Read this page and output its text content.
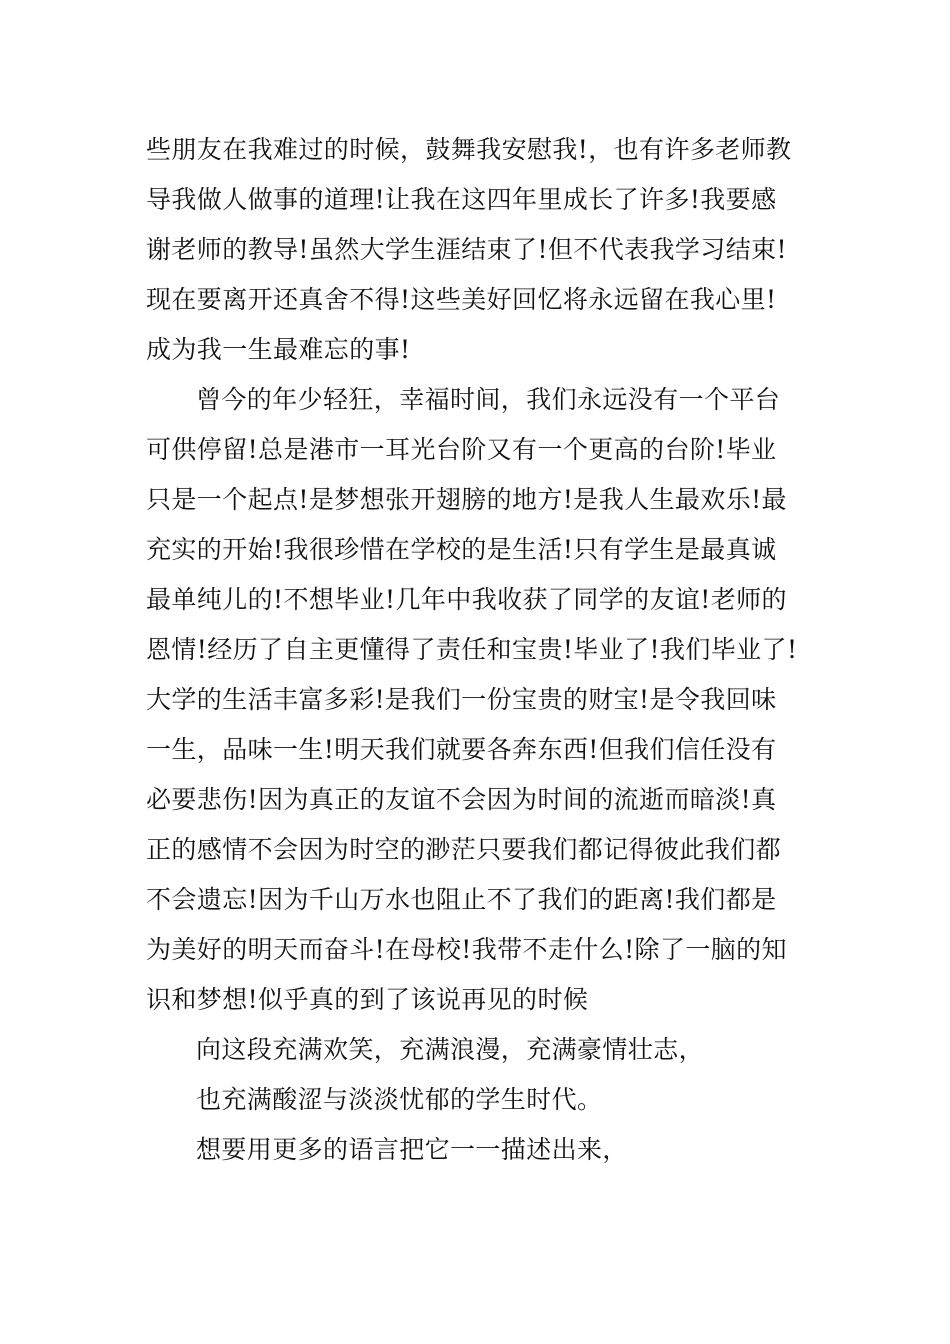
些朋友在我难过的时候，鼓舞我安慰我!，也有许多老师教
导我做人做事的道理!让我在这四年里成长了许多!我要感
谢老师的教导!虽然大学生涯结束了!但不代表我学习结束!
现在要离开还真舍不得!这些美好回忆将永远留在我心里!
成为我一生最难忘的事!
曾今的年少轻狂，幸福时间，我们永远没有一个平台
可供停留!总是港市一耳光台阶又有一个更高的台阶!毕业
只是一个起点!是梦想张开翅膀的地方!是我人生最欢乐!最
充实的开始!我很珍惜在学校的是生活!只有学生是最真诚
最单纯儿的!不想毕业!几年中我收获了同学的友谊!老师的
恩情!经历了自主更懂得了责任和宝贵!毕业了!我们毕业了!
大学的生活丰富多彩!是我们一份宝贵的财宝!是令我回味
一生，品味一生!明天我们就要各奔东西!但我们信任没有
必要悲伤!因为真正的友谊不会因为时间的流逝而暗淡!真
正的感情不会因为时空的渺茫只要我们都记得彼此我们都
不会遗忘!因为千山万水也阻止不了我们的距离!我们都是
为美好的明天而奋斗!在母校!我带不走什么!除了一脑的知
识和梦想!似乎真的到了该说再见的时候
向这段充满欢笑，充满浪漫，充满豪情壮志，
也充满酸涩与淡淡忧郁的学生时代。
想要用更多的语言把它一一描述出来，
